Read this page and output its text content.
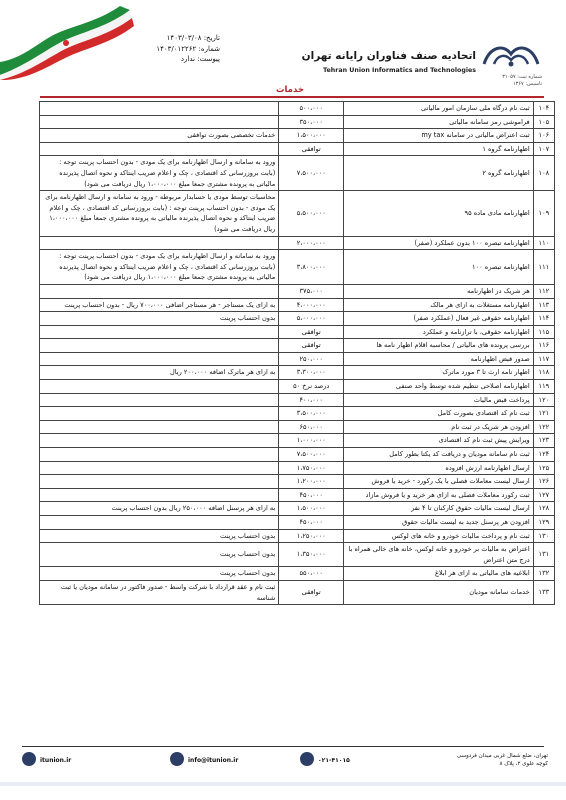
تاریخ: ۱۴۰۳/۰۳/۰۸
شماره: ۱۴۰۳/۰۱۲۲۶۲
پیوست: ندارد	اتحادیه صنف فناوران رایانه تهران
Tehran Union Informatics and Technologies
شماره ثبت: ۳۱۰۵۷
تاسیس: ۱۳۶۷
خدمات
۱۰۴	ثبت نام درگاه ملی سازمان امور مالیاتی	۵۰۰،۰۰۰	
۱۰۵	فراموشی رمز سامانه مالیاتی	۳۵۰،۰۰۰	
۱۰۶	ثبت اعتراض مالیاتی در سامانه my tax	۱،۵۰۰،۰۰۰	خدمات تخصصی بصورت توافقی
۱۰۷	اظهارنامه گروه ۱	توافقی	
۱۰۸	اظهارنامه گروه ۲	۷،۵۰۰،۰۰۰	ورود به سامانه و ارسال اظهارنامه برای یک مودی - بدون احتساب پرینت توجه : (بابت بروزرسانی کد اقتصادی ، چک و اعلام ضریب اینتاکد و نحوه اتصال پذیرنده مالیاتی به پرونده مشتری جمعا مبلغ ۱،۰۰۰،۰۰۰ ریال دریافت می شود)
۱۰۹	اظهارنامه مادی ماده ۹۵	۵،۵۰۰،۰۰۰	محاسبات توسط مودی یا حسابدار مربوطه - ورود به سامانه و ارسال اظهارنامه برای یک مودی - بدون احتساب پرینت توجه : (بابت بروزرسانی کد اقتصادی ، چک و اعلام ضریب اینتاکد و نحوه اتصال پذیرنده مالیاتی به پرونده مشتری جمعا مبلغ ۱،۰۰۰،۰۰۰ ریال دریافت می شود)
۱۱۰	اظهارنامه تبصره ۱۰۰ بدون عملکرد (صفر)	۲،۰۰۰،۰۰۰	
۱۱۱	اظهارنامه تبصره ۱۰۰	۳،۸۰۰،۰۰۰	ورود به سامانه و ارسال اظهارنامه برای یک مودی - بدون احتساب پرینت توجه : (بابت بروزرسانی کد اقتصادی ، چک و اعلام ضریب اینتاکد و نحوه اتصال پذیرنده مالیاتی به پرونده مشتری جمعا مبلغ ۱،۰۰۰،۰۰۰ ریال دریافت می شود)
۱۱۲	هر شریک در اظهارنامه	۳۷۵،۰۰۰	
۱۱۳	اظهارنامه مستغلات به ازای هر مالک	۴،۰۰۰،۰۰۰	به ازای یک مستاجر - هر مستاجر اضافی ۷۰۰،۰۰۰ ریال - بدون احتساب پرینت
۱۱۴	اظهارنامه حقوقی غیر فعال (عملکرد صفر)	۵،۰۰۰،۰۰۰	بدون احتساب پرینت
۱۱۵	اظهارنامه حقوقی، با ترازنامه و عملکرد	توافقی	
۱۱۶	بررسی پرونده های مالیاتی / محاسبه اقلام اظهار نامه ها	توافقی	
۱۱۷	صدور قبض اظهارنامه	۲۵۰،۰۰۰	
۱۱۸	اظهار نامه ارث تا ۳ مورد ماترک	۳،۳۰۰،۰۰۰	به ازای هر ماترک اضافه ۲۰۰،۰۰۰ ریال
۱۱۹	اظهارنامه اصلاحی تنظیم شده توسط واحد صنفی	۵۰ درصد نرخ	
۱۲۰	پرداخت قبض مالیات	۴۰۰،۰۰۰	
۱۲۱	ثبت نام کد اقتصادی بصورت کامل	۳،۵۰۰،۰۰۰	
۱۲۲	افزودن هر شریک در ثبت نام	۶۵۰،۰۰۰	
۱۲۳	ویرایش پیش ثبت نام کد اقتصادی	۱،۰۰۰،۰۰۰	
۱۲۴	ثبت نام سامانه مودیان و دریافت کد یکتا بطور کامل	۷،۵۰۰،۰۰۰	
۱۲۵	ارسال اظهارنامه ارزش افزوده	۱،۷۵۰،۰۰۰	
۱۲۶	ارسال لیست معاملات فصلی با یک رکورد - خرید یا فروش	۱،۲۰۰،۰۰۰	
۱۲۷	ثبت رکورد معاملات فصلی به ازای هر خرید و یا فروش مازاد	۴۵۰،۰۰۰	
۱۲۸	ارسال لیست مالیات حقوق کارکنان تا ۴ نفر	۱،۵۰۰،۰۰۰	به ازای هر پرسنل اضافه ۲۵۰،۰۰۰ ریال بدون احتساب پرینت
۱۲۹	افزودن هر پرسنل جدید به لیست مالیات حقوق	۴۵۰،۰۰۰	
۱۳۰	ثبت نام و پرداخت مالیات خودرو و خانه های لوکس	۱،۲۵۰،۰۰۰	بدون احتساب پرینت
۱۳۱	اعتراض به مالیات بر خودرو و خانه لوکس، خانه های خالی همراه با درج متن اعتراض	۱،۳۵۰،۰۰۰	بدون احتساب پرینت
۱۳۲	ابلاغیه های مالیاتی به ازای هر ابلاغ	۵۵۰،۰۰۰	بدون احتساب پرینت
۱۳۳	خدمات سامانه مودیان	توافقی	ثبت نام و عقد قرارداد با شرکت واسط - صدور فاکتور در سامانه مودیان یا ثبت شناسه
itunion.ir	info@itunion.ir	۰۲۱-۴۱۰۱۵
تهران، ضلع شمال غربی میدان فردوسی
کوچه علوی ۲، پلاک ۸
